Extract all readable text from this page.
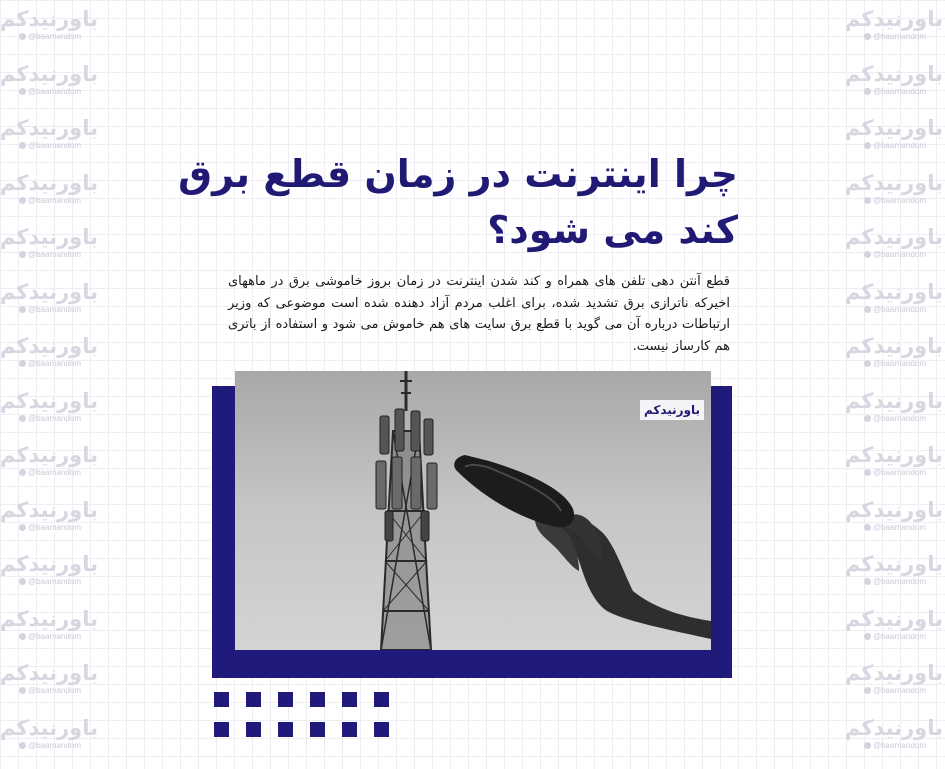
باورنیدکم
@baarnandom
باورنیدکم
@baarnandom
باورنیدکم
@baarnandom
باورنیدکم
@baarnandom
باورنیدکم
@baarnandom
باورنیدکم
@baarnandom
باورنیدکم
@baarnandom
باورنیدکم
@baarnandom
باورنیدکم
@baarnandom
باورنیدکم
@baarnandom
باورنیدکم
@baarnandom
باورنیدکم
@baarnandom
باورنیدکم
@baarnandom
باورنیدکم
@baarnandom
باورنیدکم
@baarnandom
باورنیدکم
@baarnandom
باورنیدکم
@baarnandom
باورنیدکم
@baarnandom
باورنیدکم
@baarnandom
باورنیدکم
@baarnandom
باورنیدکم
@baarnandom
باورنیدکم
@baarnandom
باورنیدکم
@baarnandom
باورنیدکم
@baarnandom
باورنیدکم
@baarnandom
باورنیدکم
@baarnandom
باورنیدکم
@baarnandom
باورنیدکم
@baarnandom
چرا اینترنت در زمان قطع برق کند می شود؟

قطع آنتن دهی تلفن های همراه و کند شدن اینترنت در زمان بروز خاموشی برق در ماههای اخیرکه ناترازی برق تشدید شده، برای اغلب مردم آزاد دهنده شده است موضوعی که وزیر ارتباطات درباره آن می گوید با قطع برق سایت های هم خاموش می شود و استفاده از باتری هم کارساز نیست.

باورنیدکم
